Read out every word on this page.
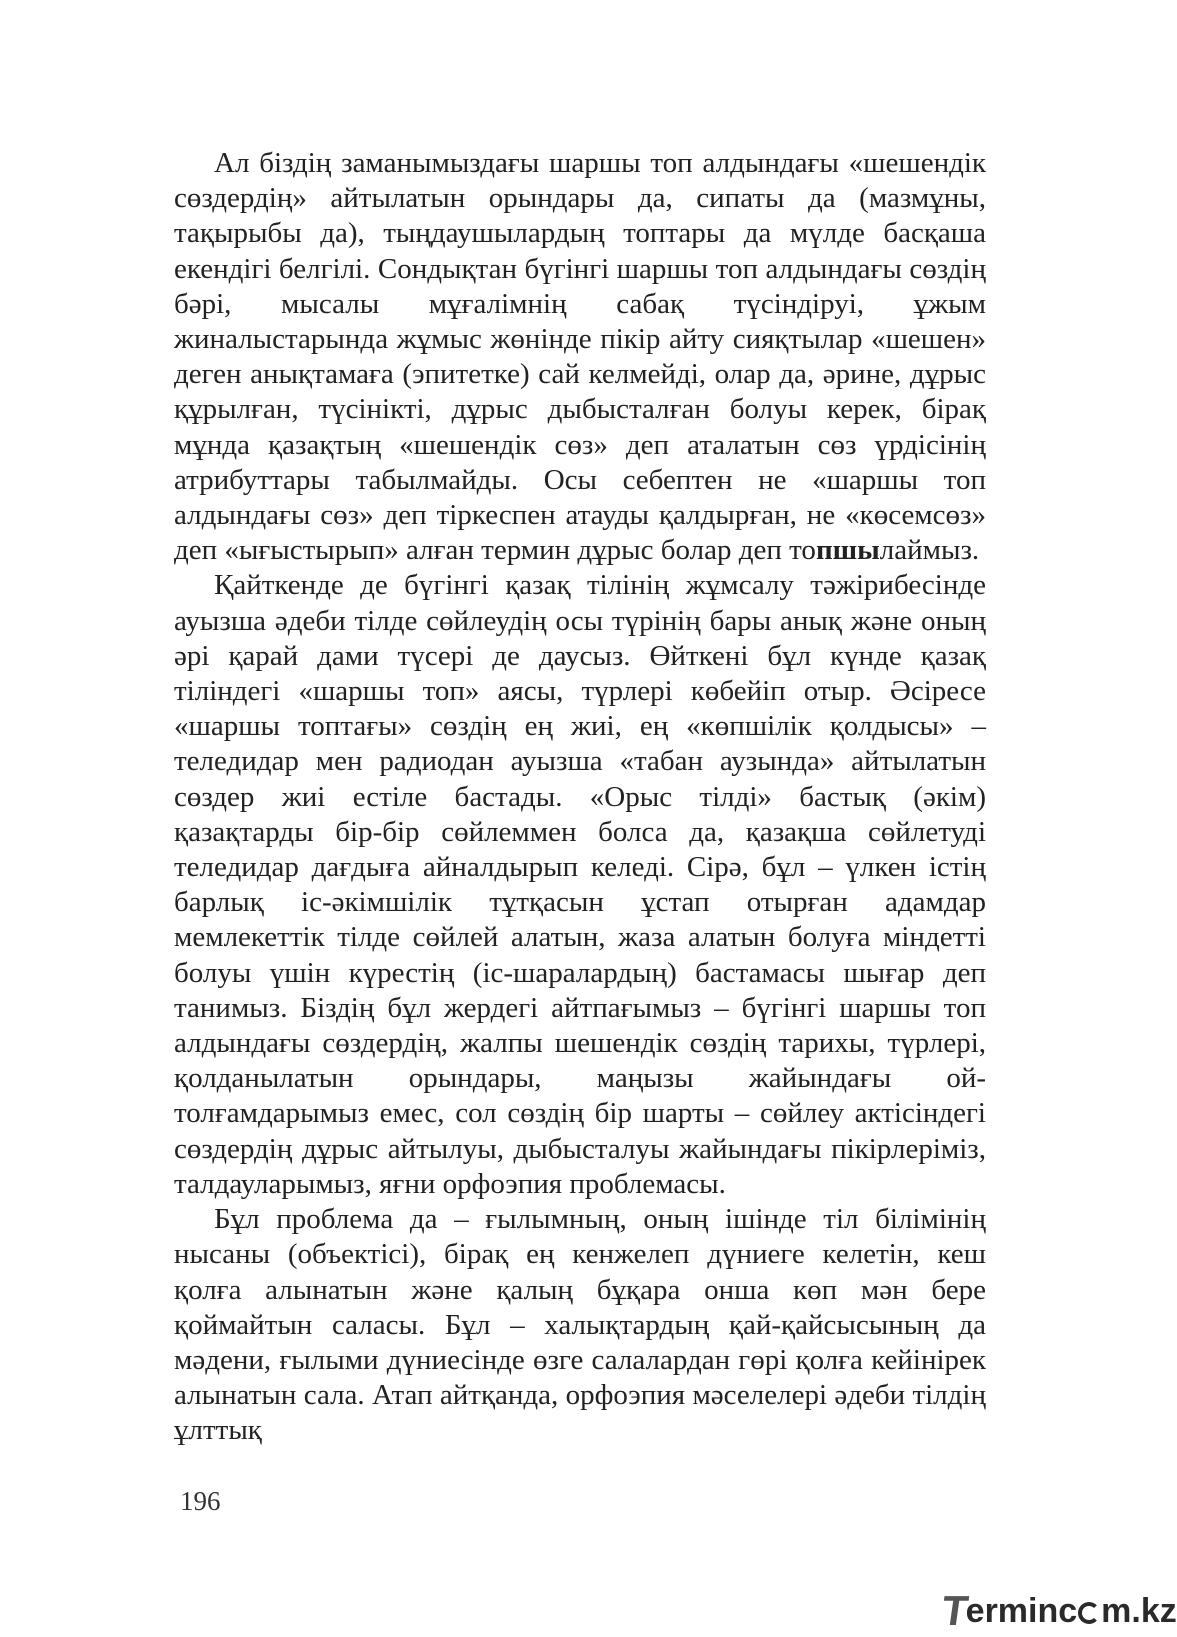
Ал біздің заманымыздағы шаршы топ алдындағы «шешендік сөздердің» айтылатын орындары да, сипаты да (мазмұны, тақырыбы да), тыңдаушылардың топтары да мүлде басқаша екендігі белгілі. Сондықтан бүгінгі шаршы топ алдындағы сөздің бәрі, мысалы мұғалімнің сабақ түсіндіруі, ұжым жиналыстарында жұмыс жөнінде пікір айту сияқтылар «шешен» деген анықтамаға (эпитетке) сай келмейді, олар да, әрине, дұрыс құрылған, түсінікті, дұрыс дыбысталған болуы керек, бірақ мұнда қазақтың «шешендік сөз» деп аталатын сөз үрдісінің атрибуттары табылмайды. Осы себептен не «шаршы топ алдындағы сөз» деп тіркеспен атауды қалдырған, не «көсемсөз» деп «ығыстырып» алған термин дұрыс болар деп топшылаймыз.

Қайткенде де бүгінгі қазақ тілінің жұмсалу тәжірибесінде ауызша әдеби тілде сөйлеудің осы түрінің бары анық және оның әрі қарай дами түсері де даусыз. Өйткені бұл күнде қазақ тіліндегі «шаршы топ» аясы, түрлері көбейіп отыр. Әсіресе «шаршы топтағы» сөздің ең жиі, ең «көпшілік қолдысы» – теледидар мен радиодан ауызша «табан аузында» айтылатын сөздер жиі естіле бастады. «Орыс тілді» бастық (әкім) қазақтарды бір-бір сөйлеммен болса да, қазақша сөйлетуді теледидар дағдыға айналдырып келеді. Сірә, бұл – үлкен істің барлық іс-әкімшілік тұтқасын ұстап отырған адамдар мемлекеттік тілде сөйлей алатын, жаза алатын болуға міндетті болуы үшін күрестің (іс-шаралардың) бастамасы шығар деп танимыз. Біздің бұл жердегі айтпағымыз – бүгінгі шаршы топ алдындағы сөздердің, жалпы шешендік сөздің тарихы, түрлері, қолданылатын орындары, маңызы жайындағы ой-толғамдарымыз емес, сол сөздің бір шарты – сөйлеу актісіндегі сөздердің дұрыс айтылуы, дыбысталуы жайындағы пікірлеріміз, талдауларымыз, яғни орфоэпия проблемасы.

Бұл проблема да – ғылымның, оның ішінде тіл білімінің нысаны (объектісі), бірақ ең кенжелеп дүниеге келетін, кеш қолға алынатын және қалың бұқара онша көп мән бере қоймайтын саласы. Бұл – халықтардың қай-қайсысының да мәдени, ғылыми дүниесінде өзге салалардан гөрі қолға кейінірек алынатын сала. Атап айтқанда, орфоэпия мәселелері әдеби тілдің ұлттық

196
T
ermin c m.kz
